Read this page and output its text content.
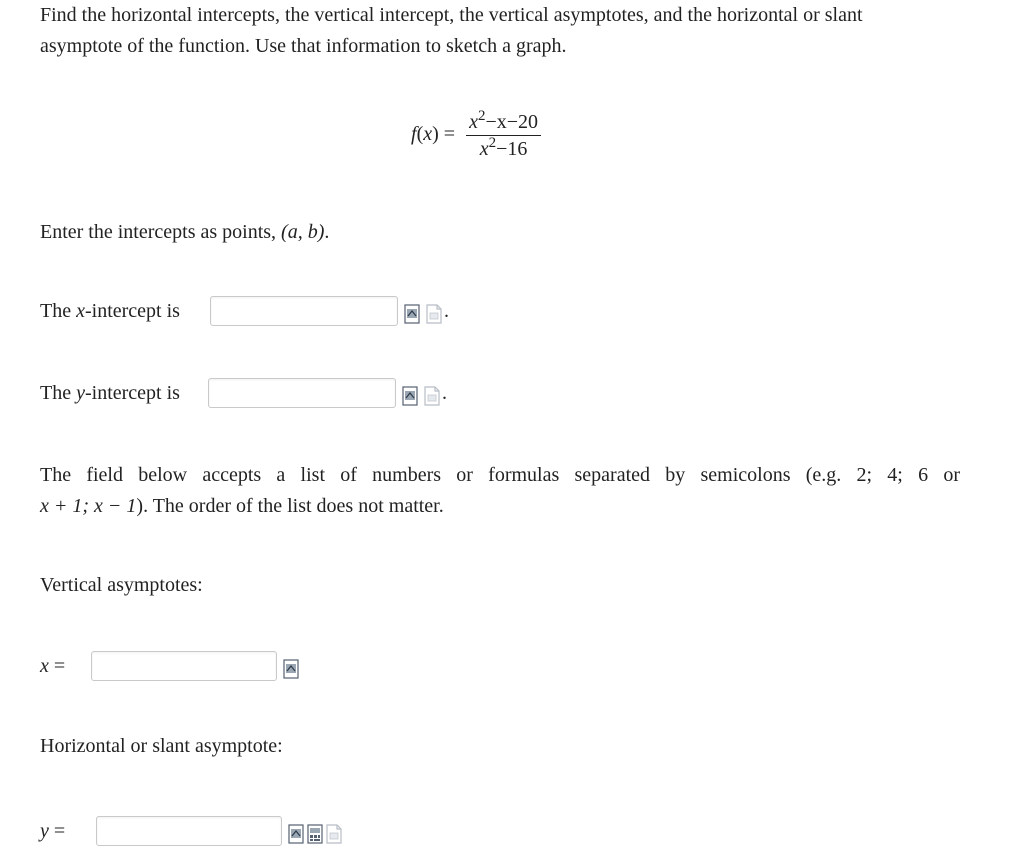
Find the horizontal intercepts, the vertical intercept, the vertical asymptotes, and the horizontal or slant
asymptote of the function. Use that information to sketch a graph.
$f(x) = \frac{x^2-x-20}{x^2-16}$
Enter the intercepts as points, (a, b).
The x-intercept is	.
The y-intercept is	.
The field below accepts a list of numbers or formulas separated by semicolons (e.g. 2; 4; 6 or
x + 1; x − 1). The order of the list does not matter.
Vertical asymptotes:
x =
Horizontal or slant asymptote:
y =
